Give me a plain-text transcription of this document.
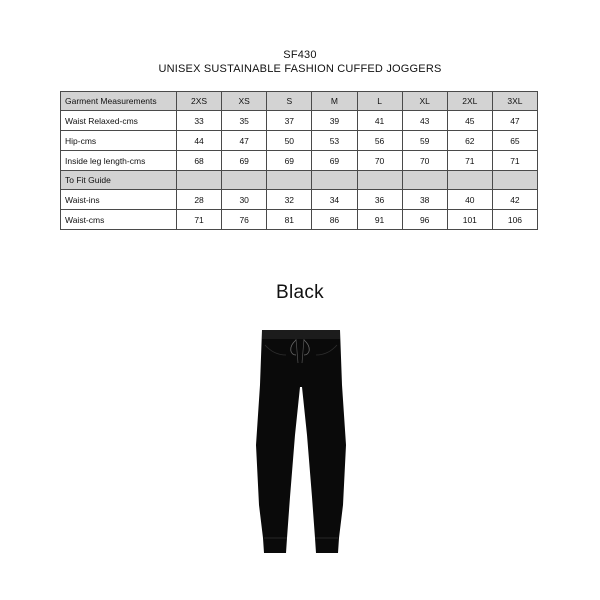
SF430
UNISEX SUSTAINABLE FASHION CUFFED JOGGERS
Garment Measurements	2XS	XS	S	M	L	XL	2XL	3XL
Waist Relaxed-cms	33	35	37	39	41	43	45	47
Hip-cms	44	47	50	53	56	59	62	65
Inside leg length-cms	68	69	69	69	70	70	71	71
To Fit Guide								
Waist-ins	28	30	32	34	36	38	40	42
Waist-cms	71	76	81	86	91	96	101	106
Black
